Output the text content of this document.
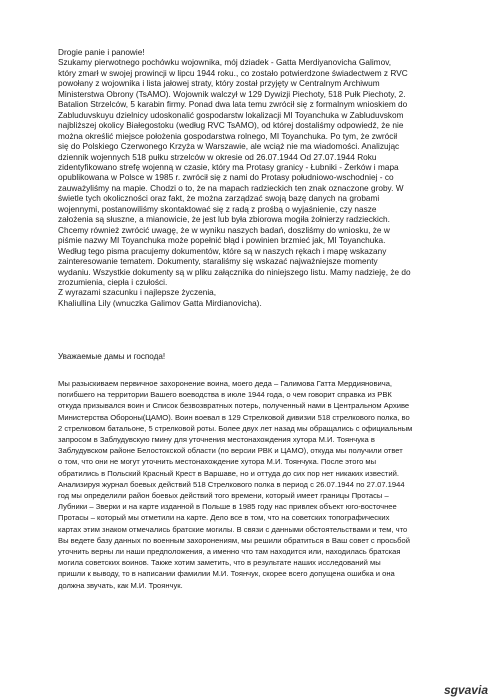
Drogie panie i panowie!

Szukamy pierwotnego pochówku wojownika, mój dziadek - Gatta Merdiyanovicha Galimov,
który zmarł w swojej prowincji w lipcu 1944 roku., co zostało potwierdzone świadectwem z RVC
powołany z wojownika i lista jałowej straty, który został przyjęty w Centralnym Archiwum
Ministerstwa Obrony (TsAMO). Wojownik walczył w 129 Dywizji Piechoty, 518 Pułk Piechoty, 2.
Batalion Strzelców, 5 karabin firmy. Ponad dwa lata temu zwrócił się z formalnym wnioskiem do
Zabluduvskuyu dzielnicy udoskonalić gospodarstw lokalizacji MI Toyanchuka w Zabluduvskom
najbliższej okolicy Białegostoku (według RVC TsAMO), od której dostaliśmy odpowiedź, że nie
można określić miejsce położenia gospodarstwa rolnego, MI Toyanchuka. Po tym, że zwrócił
się do Polskiego Czerwonego Krzyża w Warszawie, ale wciąż nie ma wiadomości. Analizując
dziennik wojennych 518 pułku strzelców w okresie od 26.07.1944 Od 27.07.1944 Roku
zidentyfikowano strefę wojenną w czasie, który ma Protasy granicy - Łubniki - Żerków i mapa
opublikowana w Polsce w 1985 r. zwrócił się z nami do Protasy południowo-wschodniej - co
zauważyliśmy na mapie. Chodzi o to, że na mapach radzieckich ten znak oznaczone groby. W
świetle tych okoliczności oraz fakt, że można zarządzać swoją bazę danych na grobami
wojennymi, postanowiliśmy skontaktować się z radą z prośbą o wyjaśnienie, czy nasze
założenia są słuszne, a mianowicie, że jest lub była zbiorowa mogiła żołnierzy radzieckich.
Chcemy również zwrócić uwagę, że w wyniku naszych badań, doszliśmy do wniosku, że w
piśmie nazwy MI Toyanchuka może popełnić błąd i powinien brzmieć jak, MI Toyanchuka.
Według tego pisma pracujemy dokumentów, które są w naszych rękach i mapę wskazany
zainteresowanie tematem. Dokumenty, staraliśmy się wskazać najważniejsze momenty
wydaniu. Wszystkie dokumenty są w pliku załącznika do niniejszego listu. Mamy nadzieję, że do
zrozumienia, ciepła i czułości.
Z wyrazami szacunku i najlepsze życzenia,
Khaliullina Lily (wnuczka Galimov Gatta Mirdianovicha).

Уважаемые дамы и господа!

Мы разыскиваем первичное захоронение воина, моего деда – Галимова Гатта Мердияновича,
погибшего на территории Вашего воеводства в июле 1944 года, о чем говорит справка из РВК
откуда призывался воин и Список безвозвратных потерь, полученный нами в Центральном Архиве
Министерства Обороны(ЦАМО). Воин воевал в 129 Стрелковой дивизии 518 стрелкового полка, во
2 стрелковом батальоне, 5 стрелковой роты. Более двух лет назад мы обращались с официальным
запросом в Заблудувскую гмину для уточнения местонахождения хутора М.И. Тоянчука в
Заблудувском районе Белостокской области (по версии РВК и ЦАМО), откуда мы получили ответ
о том, что они не могут уточнить местонахождение хутора М.И. Тоянчука. После этого мы
обратились в Польский Красный Крест в Варшаве, но и оттуда до сих пор нет никаких известий.
Анализируя журнал боевых действий 518 Стрелкового полка в период с 26.07.1944 по 27.07.1944
год мы определили район боевых действий того времени, который имеет границы Протасы –
Лубники – Зверки и на карте изданной в Польше в 1985 году нас привлек объект юго-восточнее
Протасы – который мы отметили на карте. Дело все в том, что на советских топографических
картах этим знаком отмечались братские могилы. В связи с данными обстоятельствами и тем, что
Вы ведете базу данных по военным захоронениям, мы решили обратиться в Ваш совет с просьбой
уточнить верны ли наши предположения, а именно что там находится или, находилась братская
могила советских воинов. Также хотим заметить, что в результате наших исследований мы
пришли к выводу, то в написании фамилии М.И. Тоянчук, скорее всего допущена ошибка и она
должна звучать, как М.И. Троянчук.

sgvavia
